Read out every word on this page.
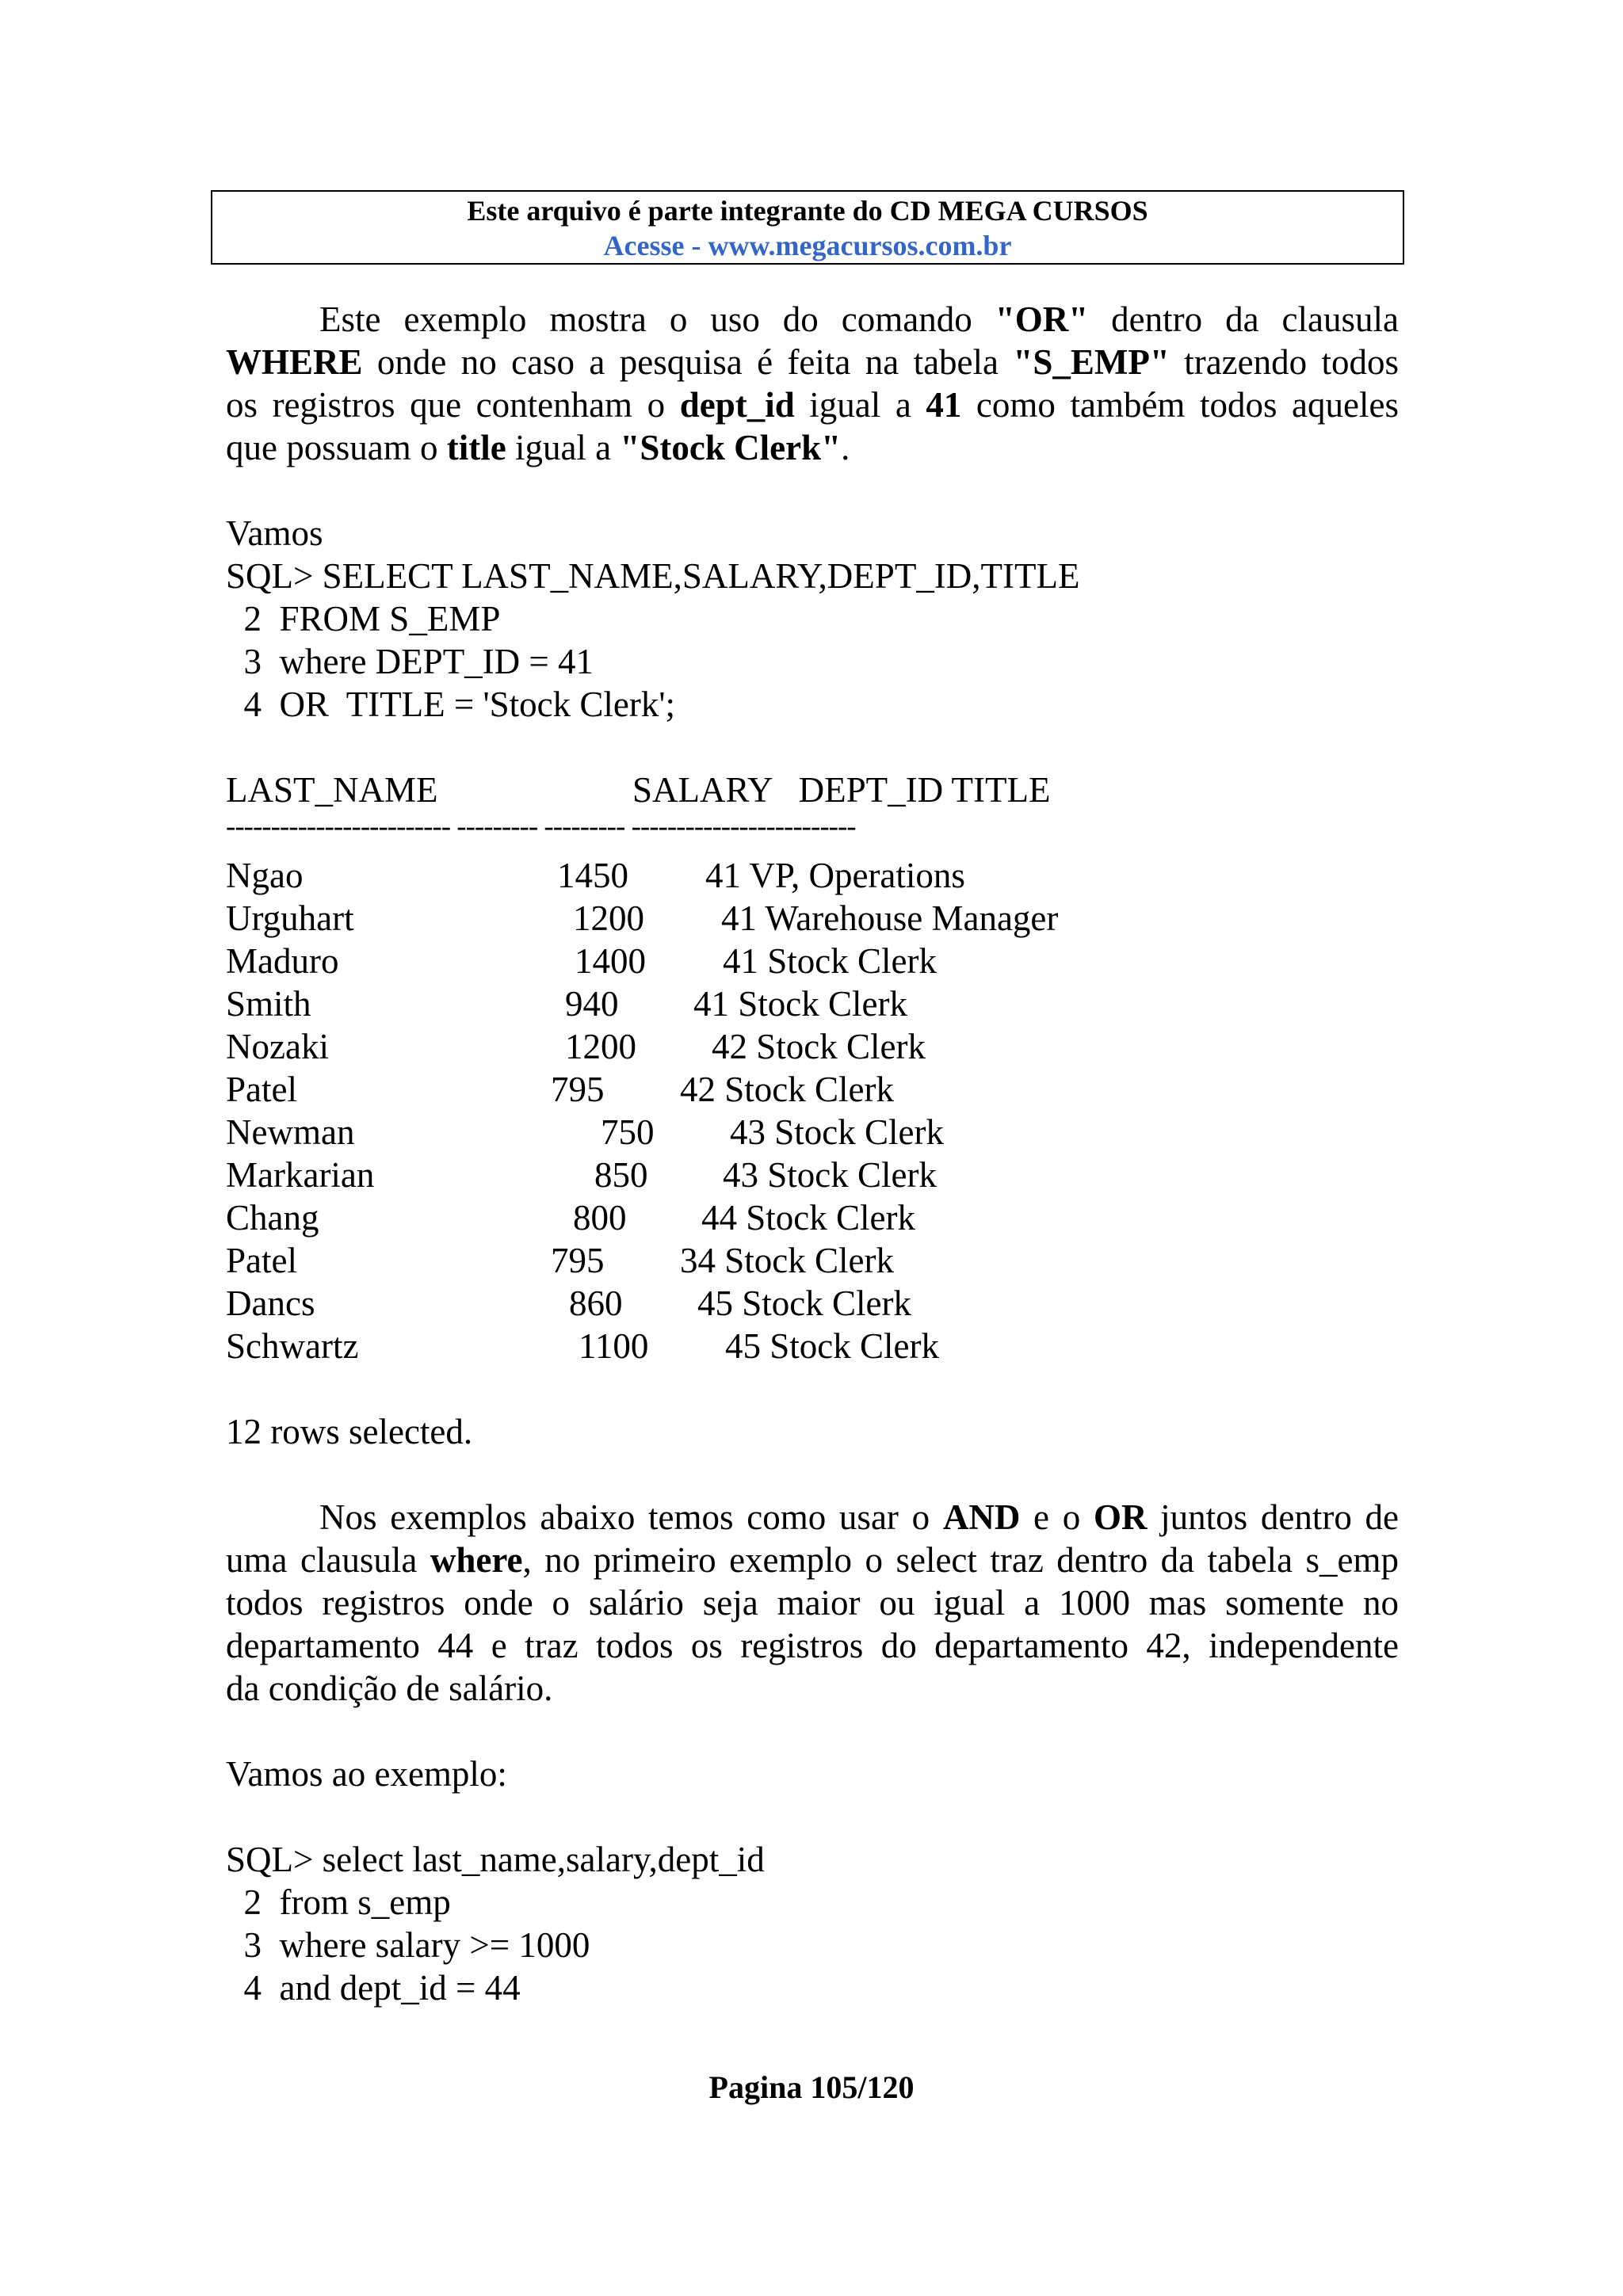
Este arquivo é parte integrante do CD MEGA CURSOS
Acesse - www.megacursos.com.br
Este exemplo mostra o uso do comando "OR" dentro da clausula
WHERE onde no caso a pesquisa é feita na tabela "S_EMP" trazendo todos
os registros que contenham o dept_id igual a 41 como também todos aqueles
que possuam o title igual a "Stock Clerk".
Vamos
SQL> SELECT LAST_NAME,SALARY,DEPT_ID,TITLE
2  FROM S_EMP
3  where DEPT_ID = 41
4  OR  TITLE = 'Stock Clerk';
LAST_NAME	SALARY   DEPT_ID TITLE
------------------------- --------- --------- -------------------------
Ngao	1450 41 VP, Operations
Urguhart	1200 41 Warehouse Manager
Maduro	1400 41 Stock Clerk
Smith	940 41 Stock Clerk
Nozaki	1200 42 Stock Clerk
Patel	795 42 Stock Clerk
Newman	750 43 Stock Clerk
Markarian	850 43 Stock Clerk
Chang	800 44 Stock Clerk
Patel	795 34 Stock Clerk
Dancs	860 45 Stock Clerk
Schwartz	1100 45 Stock Clerk
12 rows selected.
Nos exemplos abaixo temos como usar o AND e o OR juntos dentro de
uma clausula where, no primeiro exemplo o select traz dentro da tabela s_emp
todos registros onde o salário seja maior ou igual a 1000 mas somente no
departamento 44 e traz todos os registros do departamento 42, independente
da condição de salário.
Vamos ao exemplo:
SQL> select last_name,salary,dept_id
2  from s_emp
3  where salary >= 1000
4  and dept_id = 44
Pagina 105/120
